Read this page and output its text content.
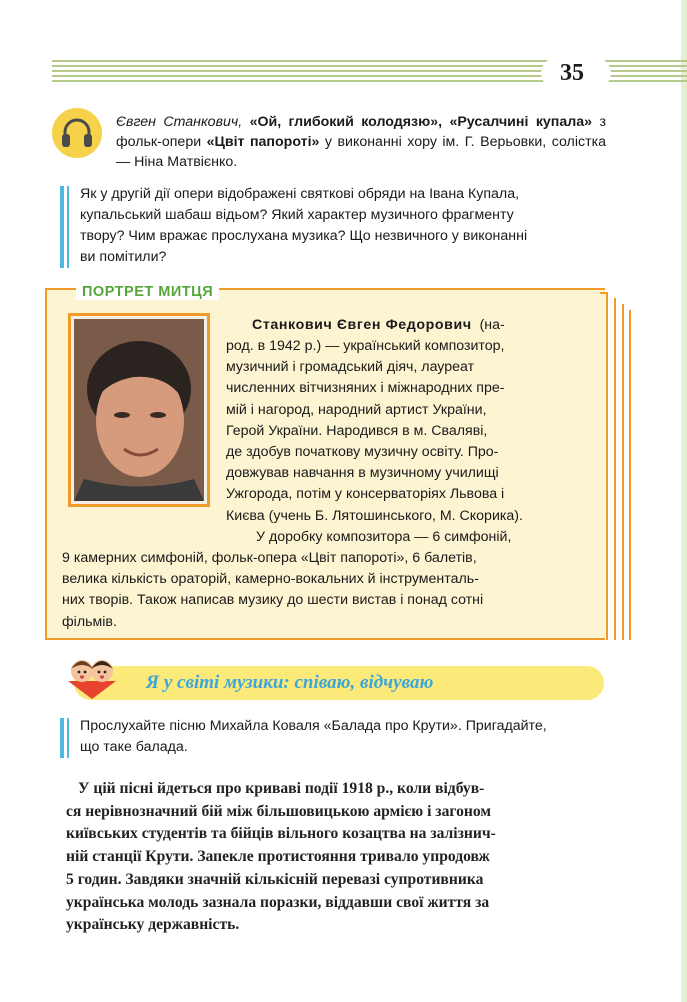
35

Євген Станкович, «Ой, глибокий колодязю», «Русалчині купала» з фольк-опери «Цвіт папороті» у виконанні хору ім. Г. Верьовки, солістка — Ніна Матвієнко.

Як у другій дії опери відображені святкові обряди на Івана Купала,
купальський шабаш відьом? Який характер музичного фрагменту
твору? Чим вражає прослухана музика? Що незвичного у виконанні
ви помітили?
ПОРТРЕТ МИТЦЯ
Станкович Євген Федорович (на-
род. в 1942 р.) — український композитор,
музичний і громадський діяч, лауреат
численних вітчизняних і міжнародних пре-
мій і нагород, народний артист України,
Герой України. Народився в м. Сваляві,
де здобув початкову музичну освіту. Про-
довжував навчання в музичному училищі
Ужгорода, потім у консерваторіях Львова і
Києва (учень Б. Лятошинського, М. Скорика).
У доробку композитора — 6 симфоній,
9 камерних симфоній, фольк-опера «Цвіт папороті», 6 балетів,
велика кількість ораторій, камерно-вокальних й інструменталь-
них творів. Також написав музику до шести вистав і понад сотні
фільмів.
Я у світі музики: співаю, відчуваю
Прослухайте пісню Михайла Коваля «Балада про Крути». Пригадайте,
що таке балада.
У цій пісні йдеться про криваві події 1918 р., коли відбув-
ся нерівнозначний бій між більшовицькою армією і загоном
київських студентів та бійців вільного козацтва на залізнич-
ній станції Крути. Запекле протистояння тривало упродовж
5 годин. Завдяки значній кількісній перевазі супротивника
українська молодь зазнала поразки, віддавши свої життя за
українську державність.
